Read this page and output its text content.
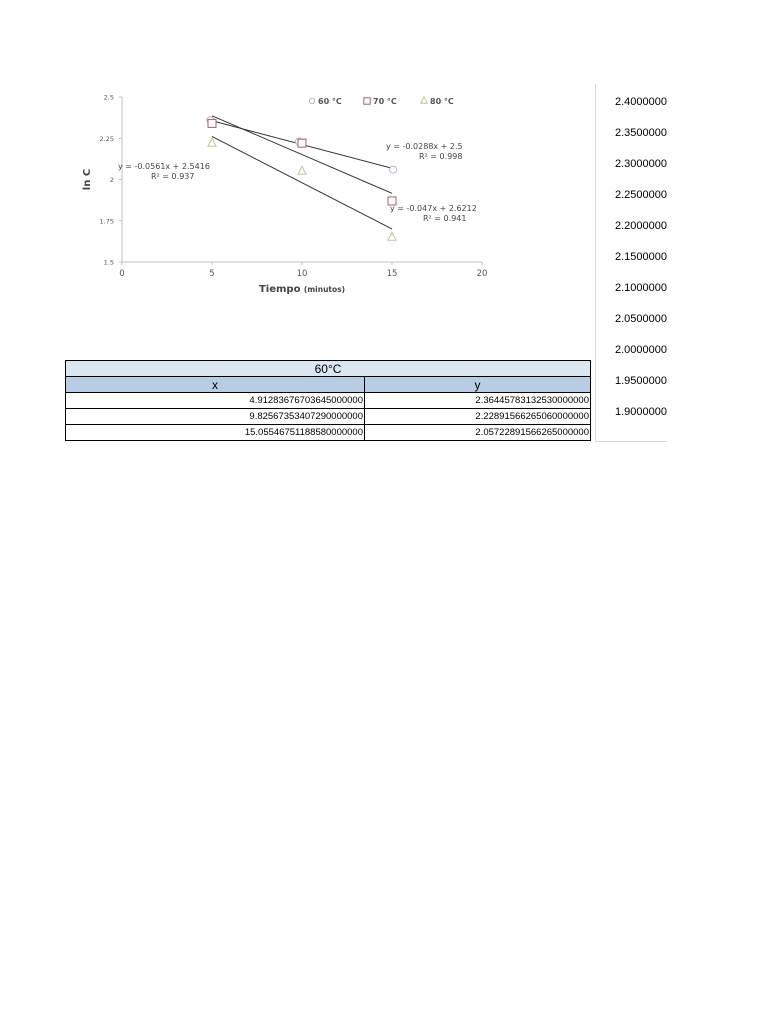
0	5	10	15	20
1.5
1.75
2
2.25
2.5
Tiempo (minutos)
ln C
60 °C	70 °C	80 °C
y = -0.0288x + 2.5
R² = 0.998
y = -0.047x + 2.6212
R² = 0.941
y = -0.0561x + 2.5416
R² = 0.937
2.4000000
2.3500000
2.3000000
2.2500000
2.2000000
2.1500000
2.1000000
2.0500000
2.0000000
1.9500000
1.9000000
60°C	
x	y
4.91283676703645000000	2.36445783132530000000
9.82567353407290000000	2.22891566265060000000
15.05546751188580000000	2.05722891566265000000
